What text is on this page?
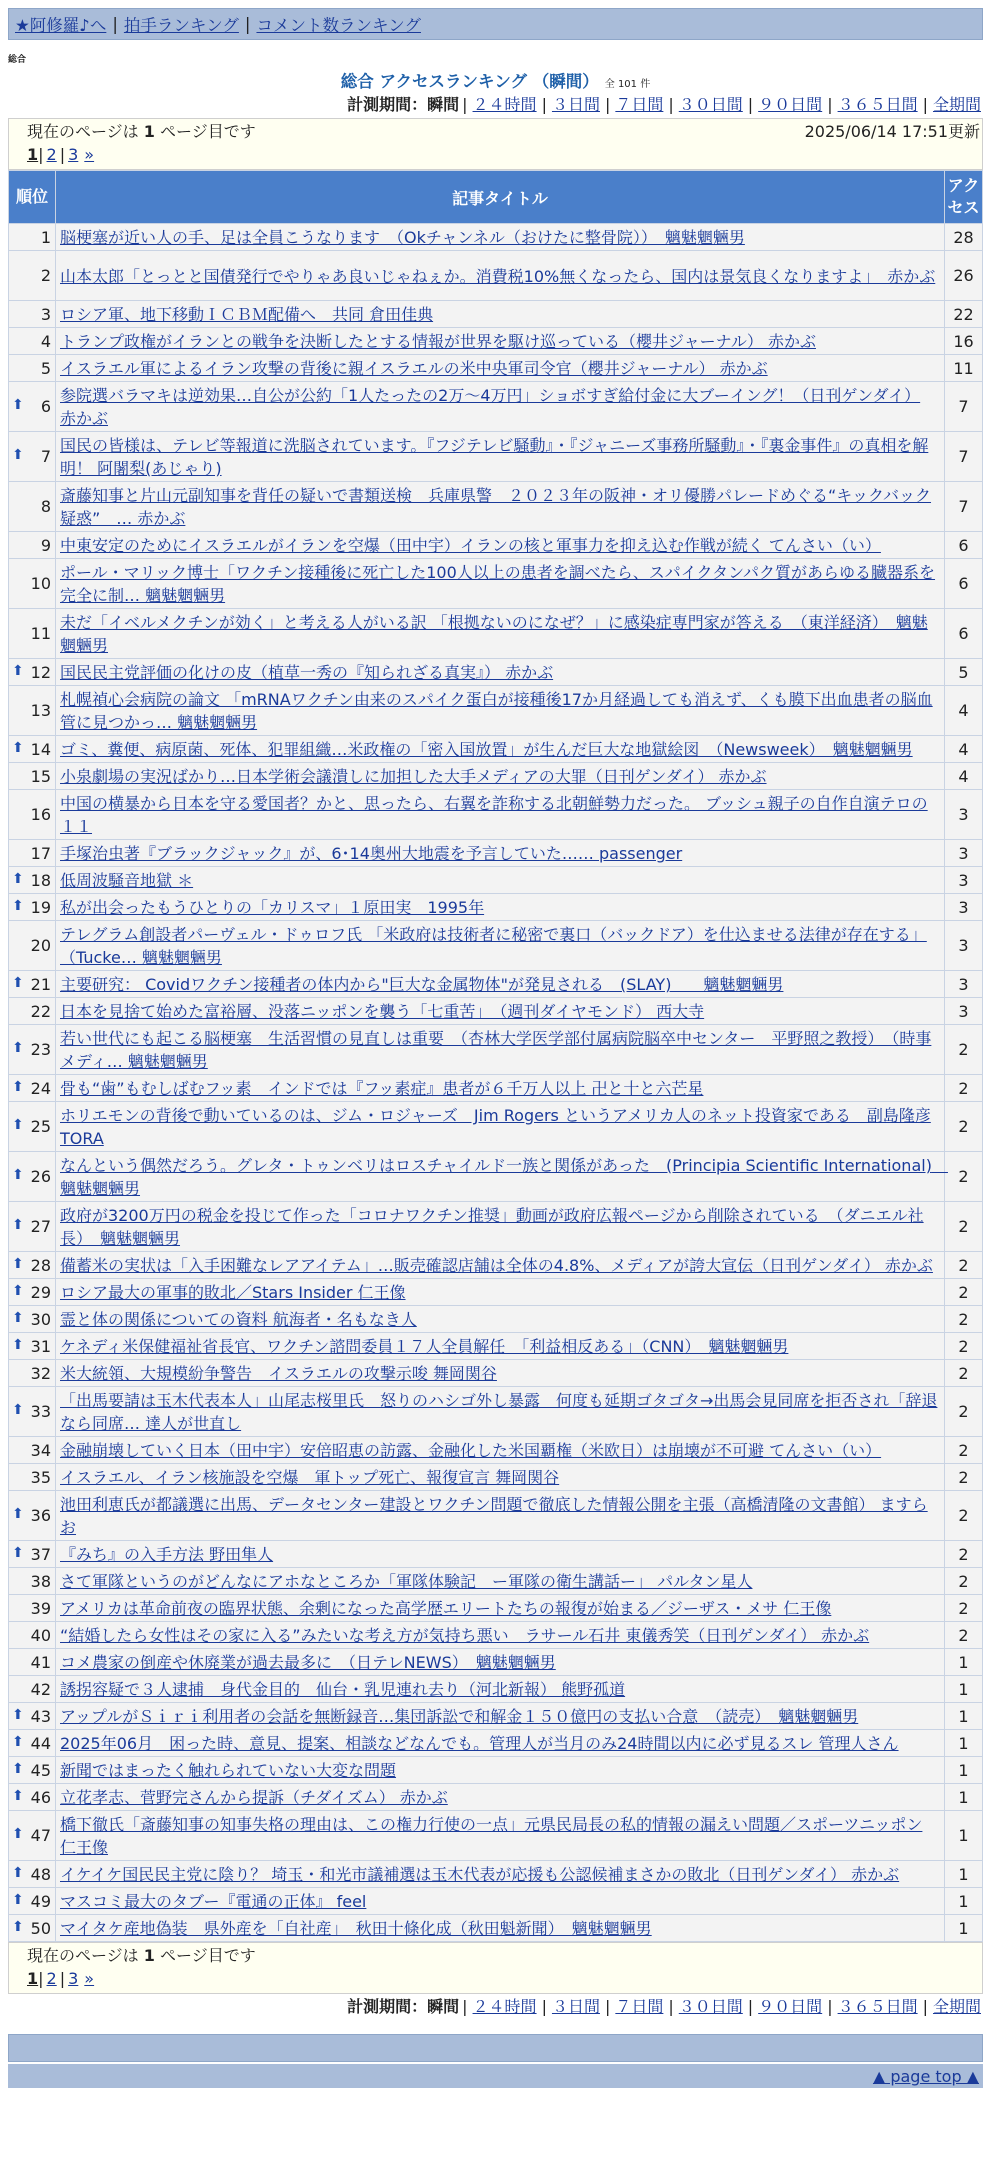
★阿修羅♪へ | 拍手ランキング | コメント数ランキング
総合
総合 アクセスランキング （瞬間） 全 101 件
計測期間：瞬間 | ２４時間 | ３日間 | ７日間 | ３０日間 | ９０日間 | ３６５日間 | 全期間
現在のページは 1 ページ目です	2025/06/14 17:51更新
1| 2 | 3 »
順位	記事タイトル	アクセス
1	脳梗塞が近い人の手、足は全員こうなります　（Okチャンネル（おけたに整骨院））　魑魅魍魎男	28
2	山本太郎「とっとと国債発行でやりゃあ良いじゃねぇか。消費税10%無くなったら、国内は景気良くなりますよ」　赤かぶ	26
3	ロシア軍、地下移動ＩＣＢＭ配備へ　共同 倉田佳典	22
4	トランプ政権がイランとの戦争を決断したとする情報が世界を駆け巡っている（櫻井ジャーナル） 赤かぶ	16
5	イスラエル軍によるイラン攻撃の背後に親イスラエルの米中央軍司令官（櫻井ジャーナル） 赤かぶ	11

⬆ 6	参院選バラマキは逆効果…自公が公約「1人たったの2万～4万円」ショボすぎ給付金に大ブーイング！（日刊ゲンダイ） 赤かぶ	7

⬆ 7	国民の皆様は、テレビ等報道に洗脳されています。『フジテレビ騒動』・『ジャニーズ事務所騒動』・『裏金事件』の真相を解明！ 阿闍梨(あじゃり)	7
8	斎藤知事と片山元副知事を背任の疑いで書類送検　兵庫県警　２０２３年の阪神・オリ優勝パレードめぐる“キックバック疑惑”　… 赤かぶ	7
9	中東安定のためにイスラエルがイランを空爆（田中宇）イランの核と軍事力を抑え込む作戦が続く てんさい（い）	6
10	ポール・マリック博士「ワクチン接種後に死亡した100人以上の患者を調べたら、スパイクタンパク質があらゆる臓器系を完全に制… 魑魅魍魎男	6
11	未だ「イベルメクチンが効く」と考える人がいる訳 「根拠ないのになぜ？」に感染症専門家が答える　（東洋経済）　魑魅魍魎男	6

⬆ 12	国民民主党評価の化けの皮（植草一秀の『知られざる真実』） 赤かぶ	5
13	札幌禎心会病院の論文 「mRNAワクチン由来のスパイク蛋白が接種後17か月経過しても消えず、くも膜下出血患者の脳血管に見つかっ… 魑魅魍魎男	4

⬆ 14	ゴミ、糞便、病原菌、死体、犯罪組織…米政権の「密入国放置」が生んだ巨大な地獄絵図　（Newsweek）　魑魅魍魎男	4
15	小泉劇場の実況ばかり…日本学術会議潰しに加担した大手メディアの大罪（日刊ゲンダイ） 赤かぶ	4
16	中国の横暴から日本を守る愛国者？かと、思ったら、右翼を詐称する北朝鮮勢力だった。 ブッシュ親子の自作自演テロの１１	3
17	手塚治虫著『ブラックジャック』が、6･14奥州大地震を予言していた…… passenger	3

⬆ 18	低周波騒音地獄 ＊	3

⬆ 19	私が出会ったもうひとりの「カリスマ」１原田実　1995年	3
20	テレグラム創設者パーヴェル・ドゥロフ氏 「米政府は技術者に秘密で裏口（バックドア）を仕込ませる法律が存在する」（Tucke… 魑魅魍魎男	3

⬆ 21	主要研究： Covidワクチン接種者の体内から"巨大な金属物体"が発見される　(SLAY)　　魑魅魍魎男	3
22	日本を見捨て始めた富裕層、没落ニッポンを襲う「七重苦」　（週刊ダイヤモンド） 西大寺	3

⬆ 23	若い世代にも起こる脳梗塞　生活習慣の見直しは重要　（杏林大学医学部付属病院脳卒中センター　平野照之教授）　（時事メディ… 魑魅魍魎男	2

⬆ 24	骨も“歯”もむしばむフッ素　インドでは『フッ素症』患者が６千万人以上 卍と十と六芒星	2

⬆ 25	ホリエモンの背後で動いているのは、ジム・ロジャーズ　Jim Rogers というアメリカ人のネット投資家である　副島隆彦 TORA	2

⬆ 26	なんという偶然だろう。グレタ・トゥンベリはロスチャイルド一族と関係があった　(Principia Scientific International)　魑魅魍魎男	2

⬆ 27	政府が3200万円の税金を投じて作った「コロナワクチン推奨」動画が政府広報ページから削除されている　（ダニエル社長）　魑魅魍魎男	2

⬆ 28	備蓄米の実状は「入手困難なレアアイテム」…販売確認店舗は全体の4.8%、メディアが誇大宣伝（日刊ゲンダイ） 赤かぶ	2

⬆ 29	ロシア最大の軍事的敗北／Stars Insider 仁王像	2

⬆ 30	霊と体の関係についての資料 航海者・名もなき人	2

⬆ 31	ケネディ米保健福祉省長官、ワクチン諮問委員１７人全員解任　「利益相反ある」（CNN）　魑魅魍魎男	2
32	米大統領、大規模紛争警告　イスラエルの攻撃示唆 舞岡関谷	2

⬆ 33	「出馬要請は玉木代表本人」山尾志桜里氏　怒りのハシゴ外し暴露　何度も延期ゴタゴタ→出馬会見同席を拒否され「辞退なら同席… 達人が世直し	2
34	金融崩壊していく日本（田中宇）安倍昭恵の訪露、金融化した米国覇権（米欧日）は崩壊が不可避 てんさい（い）	2
35	イスラエル、イラン核施設を空爆　軍トップ死亡、報復宣言 舞岡関谷	2

⬆ 36	池田利恵氏が都議選に出馬、データセンター建設とワクチン問題で徹底した情報公開を主張（高橋清隆の文書館） ますらお	2

⬆ 37	『みち』の入手方法 野田隼人	2
38	さて軍隊というのがどんなにアホなところか「軍隊体験記　ー軍隊の衛生講話ー」 パルタン星人	2
39	アメリカは革命前夜の臨界状態、余剰になった高学歴エリートたちの報復が始まる／ジーザス・メサ 仁王像	2
40	“結婚したら女性はその家に入る”みたいな考え方が気持ち悪い　ラサール石井 東儀秀笑（日刊ゲンダイ） 赤かぶ	2
41	コメ農家の倒産や休廃業が過去最多に　（日テレNEWS）　魑魅魍魎男	1
42	誘拐容疑で３人逮捕　身代金目的　仙台・乳児連れ去り（河北新報） 熊野孤道	1

⬆ 43	アップルがＳｉｒｉ利用者の会話を無断録音…集団訴訟で和解金１５０億円の支払い合意　（読売）　魑魅魍魎男	1

⬆ 44	2025年06月　困った時、意見、提案、相談などなんでも。管理人が当月のみ24時間以内に必ず見るスレ 管理人さん	1

⬆ 45	新聞ではまったく触れられていない大変な問題	1

⬆ 46	立花孝志、菅野完さんから提訴（チダイズム） 赤かぶ	1

⬆ 47	橋下徹氏「斎藤知事の知事失格の理由は、この権力行使の一点」元県民局長の私的情報の漏えい問題／スポーツニッポン 仁王像	1

⬆ 48	イケイケ国民民主党に陰り？ 埼玉・和光市議補選は玉木代表が応援も公認候補まさかの敗北（日刊ゲンダイ） 赤かぶ	1

⬆ 49	マスコミ最大のタブー『電通の正体』 feel	1

⬆ 50	マイタケ産地偽装　県外産を「自社産」　秋田十條化成（秋田魁新聞）　魑魅魍魎男	1
現在のページは 1 ページ目です
1| 2 | 3 »
計測期間：瞬間 | ２４時間 | ３日間 | ７日間 | ３０日間 | ９０日間 | ３６５日間 | 全期間
▲ page top ▲
